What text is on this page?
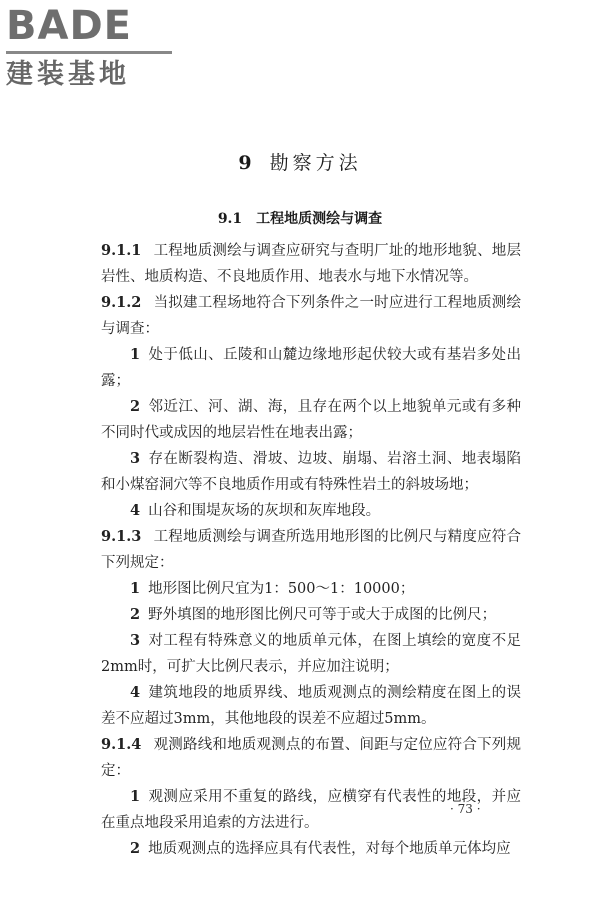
BADE
建装基地
9 勘察方法
9.1 工程地质测绘与调查
9.1.1 工程地质测绘与调查应研究与查明厂址的地形地貌、地层岩性、地质构造、不良地质作用、地表水与地下水情况等。
9.1.2 当拟建工程场地符合下列条件之一时应进行工程地质测绘与调查：
1 处于低山、丘陵和山麓边缘地形起伏较大或有基岩多处出露；
2 邻近江、河、湖、海，且存在两个以上地貌单元或有多种不同时代或成因的地层岩性在地表出露；
3 存在断裂构造、滑坡、边坡、崩塌、岩溶土洞、地表塌陷和小煤窑洞穴等不良地质作用或有特殊性岩土的斜坡场地；
4 山谷和围堤灰场的灰坝和灰库地段。
9.1.3 工程地质测绘与调查所选用地形图的比例尺与精度应符合下列规定：
1 地形图比例尺宜为1：500～1：10000；
2 野外填图的地形图比例尺可等于或大于成图的比例尺；
3 对工程有特殊意义的地质单元体，在图上填绘的宽度不足2mm时，可扩大比例尺表示，并应加注说明；
4 建筑地段的地质界线、地质观测点的测绘精度在图上的误差不应超过3mm，其他地段的误差不应超过5mm。
9.1.4 观测路线和地质观测点的布置、间距与定位应符合下列规定：
1 观测应采用不重复的路线，应横穿有代表性的地段，并应在重点地段采用追索的方法进行。
2 地质观测点的选择应具有代表性，对每个地质单元体均应
· 73 ·
